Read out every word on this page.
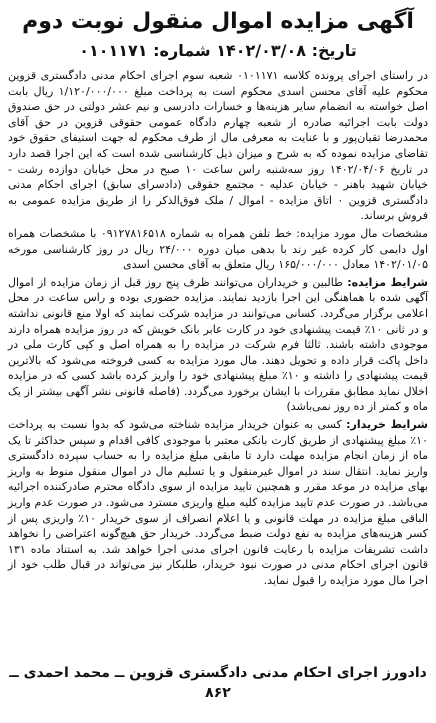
آگهی مزایده اموال منقول نوبت دوم
تاریخ: ۱۴۰۲/۰۳/۰۸ شماره: ۰۱۰۱۱۷۱

در راستای اجرای پرونده کلاسه ۰۱۰۱۱۷۱ شعبه سوم اجرای احکام مدنی دادگستری قزوین محکوم علیه آقای محسن اسدی محکوم است به پرداخت مبلغ ۱/۱۲۰/۰۰۰/۰۰۰ ریال بابت اصل خواسته به انضمام سایر هزینه‌ها و خسارات دادرسی و نیم عشر دولتی در حق صندوق دولت بابت اجرائیه صادره از شعبه چهارم دادگاه عمومی حقوقی قزوین در حق آقای محمدرضا تقیان‌پور و با عنایت به معرفی مال از طرف محکوم له جهت استیفای حقوق خود تقاضای مزایده نموده که به شرح و میزان ذیل کارشناسی شده است که این اجرا قصد دارد در تاریخ ۱۴۰۲/۰۴/۰۶ روز سه‌شنبه راس ساعت ۱۰ صبح در محل خیابان دوازده رشت - خیابان شهید باهنر - خیابان عدلیه - مجتمع حقوقی (دادسرای سابق) اجرای احکام مدنی دادگستری قزوین ۰ اتاق مزایده - اموال / ملک فوق‌الذکر را از طریق مزایده عمومی به فروش برساند.

مشخصات مال مورد مزایده: خط تلفن همراه به شماره ۰۹۱۲۷۸۱۶۵۱۸ با مشخصات همراه اول دایمی کار کرده غیر رند با بدهی میان دوره ۲۴/۰۰۰ ریال در روز کارشناسی مورخه ۱۴۰۲/۰۱/۰۵ معادل ۱۶۵/۰۰۰/۰۰۰ ریال متعلق به آقای محسن اسدی

شرایط مزایده: طالبین و خریداران می‌توانند ظرف پنج روز قبل از زمان مزایده از اموال آگهی شده با هماهنگی این اجرا بازدید نمایند. مزایده حضوری بوده و راس ساعت در محل اعلامی برگزار می‌گردد. کسانی می‌توانند در مزایده شرکت نمایند که اولا منع قانونی نداشته و در ثانی ۱۰٪ قیمت پیشنهادی خود در کارت عابر بانک خویش که در روز مزایده همراه دارند موجودی داشته باشند. ثالثا فرم شرکت در مزایده را به همراه اصل و کپی کارت ملی در داخل پاکت قرار داده و تحویل دهند. مال مورد مزایده به کسی فروخته می‌شود که بالاترین قیمت پیشنهادی را داشته و ۱۰٪ مبلغ پیشنهادی خود را واریز کرده باشد کسی که در مزایده اخلال نماید مطابق مقررات با ایشان برخورد می‌گردد. (فاصله قانونی نشر آگهی بیشتر از یک ماه و کمتر از ده روز نمی‌باشد)

شرایط خریدار: کسی به عنوان خریدار مزایده شناخته می‌شود که بدوا نسبت به پرداخت ۱۰٪ مبلغ پیشنهادی از طریق کارت بانکی معتبر با موجودی کافی اقدام و سپس حداکثر تا یک ماه از زمان انجام مزایده مهلت دارد تا مابقی مبلغ مزایده را به حساب سپرده دادگستری واریز نماید. انتقال سند در اموال غیرمنقول و یا تسلیم مال در اموال منقول منوط به واریز بهای مزایده در موعد مقرر و همچنین تایید مزایده از سوی دادگاه محترم صادرکننده اجرائیه می‌باشد. در صورت عدم تایید مزایده کلیه مبلغ واریزی مسترد می‌شود. در صورت عدم واریز الباقی مبلغ مزایده در مهلت قانونی و یا اعلام انصراف از سوی خریدار ۱۰٪ واریزی پس از کسر هزینه‌های مزایده به نفع دولت ضبط می‌گردد. خریدار حق هیچ‌گونه اعتراضی را نخواهد داشت تشریفات مزایده با رعایت قانون اجرای مدنی اجرا خواهد شد. به استناد ماده ۱۳۱ قانون اجرای احکام مدنی در صورت نبود خریدار، طلبکار نیز می‌تواند در قبال طلب خود از اجرا مال مورد مزایده را قبول نماید.

دادورز اجرای احکام مدنی دادگستری قزوین ــ محمد احمدی ــ ۸۶۲
